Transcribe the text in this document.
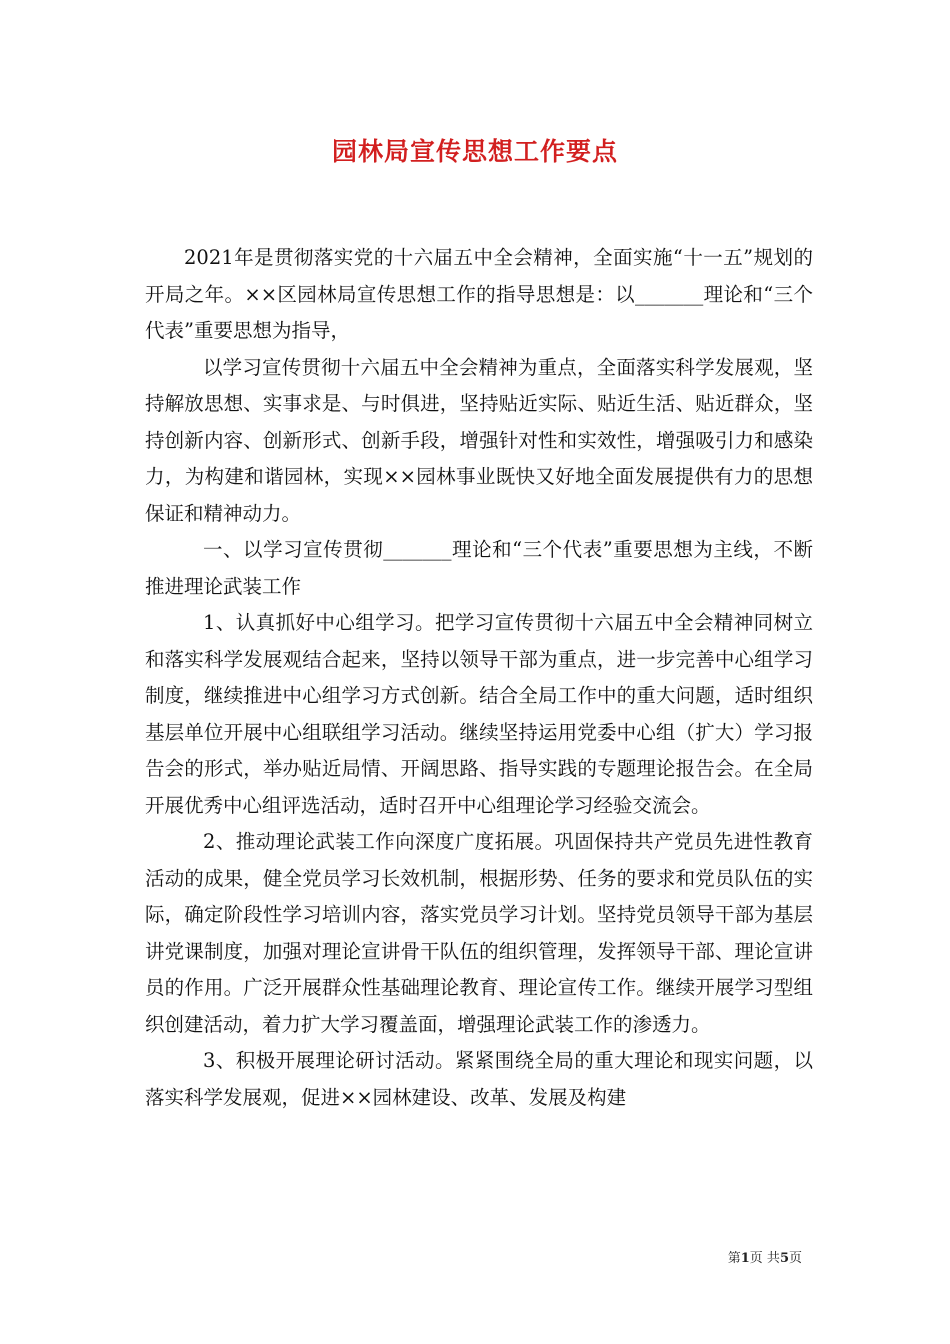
园林局宣传思想工作要点

2021年是贯彻落实党的十六届五中全会精神，全面实施“十一五”规划的开局之年。××区园林局宣传思想工作的指导思想是：以_______理论和“三个代表”重要思想为指导，

以学习宣传贯彻十六届五中全会精神为重点，全面落实科学发展观，坚持解放思想、实事求是、与时俱进，坚持贴近实际、贴近生活、贴近群众，坚持创新内容、创新形式、创新手段，增强针对性和实效性，增强吸引力和感染力，为构建和谐园林，实现××园林事业既快又好地全面发展提供有力的思想保证和精神动力。

一、以学习宣传贯彻_______理论和“三个代表”重要思想为主线，不断推进理论武装工作

1、认真抓好中心组学习。把学习宣传贯彻十六届五中全会精神同树立和落实科学发展观结合起来，坚持以领导干部为重点，进一步完善中心组学习制度，继续推进中心组学习方式创新。结合全局工作中的重大问题，适时组织基层单位开展中心组联组学习活动。继续坚持运用党委中心组（扩大）学习报告会的形式，举办贴近局情、开阔思路、指导实践的专题理论报告会。在全局开展优秀中心组评选活动，适时召开中心组理论学习经验交流会。

2、推动理论武装工作向深度广度拓展。巩固保持共产党员先进性教育活动的成果，健全党员学习长效机制，根据形势、任务的要求和党员队伍的实际，确定阶段性学习培训内容，落实党员学习计划。坚持党员领导干部为基层讲党课制度，加强对理论宣讲骨干队伍的组织管理，发挥领导干部、理论宣讲员的作用。广泛开展群众性基础理论教育、理论宣传工作。继续开展学习型组织创建活动，着力扩大学习覆盖面，增强理论武装工作的渗透力。

3、积极开展理论研讨活动。紧紧围绕全局的重大理论和现实问题，以落实科学发展观，促进××园林建设、改革、发展及构建

第1页 共5页
